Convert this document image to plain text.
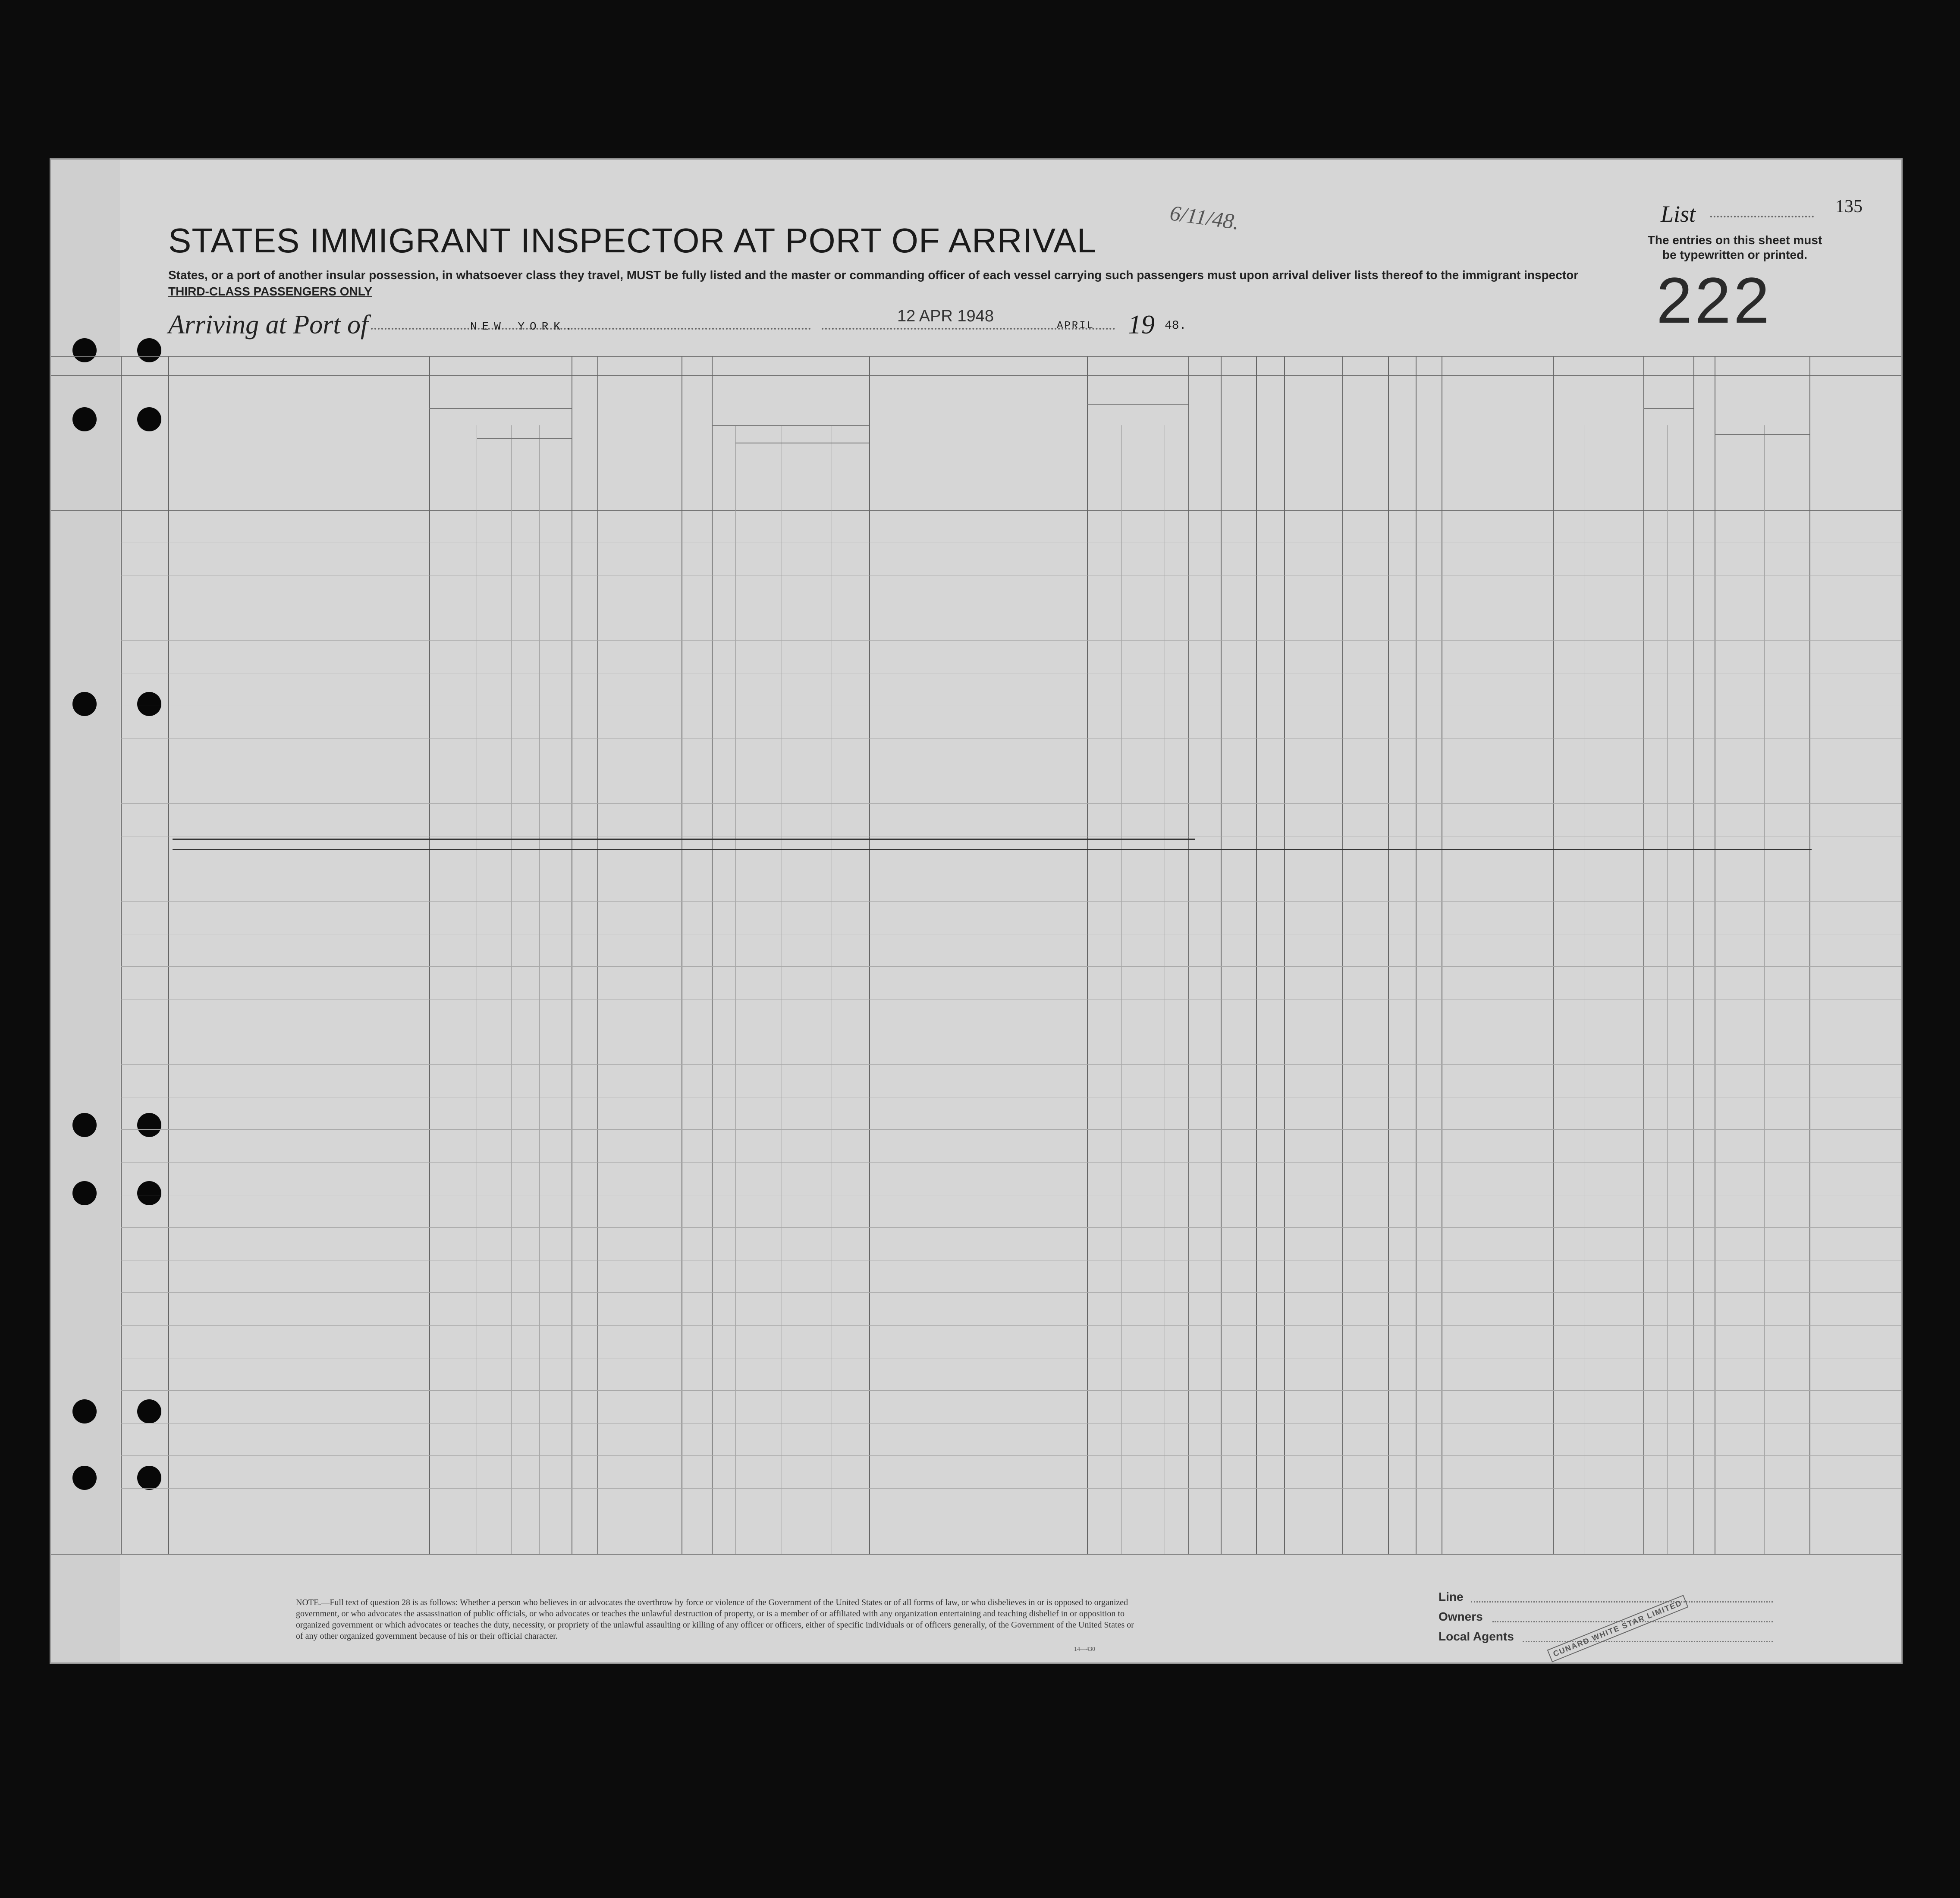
STATES IMMIGRANT INSPECTOR AT PORT OF ARRIVAL
6/11/48.	List	135
The entries on this sheet must
be typewritten or printed.
222
States, or a port of another insular possession, in whatsoever class they travel, MUST be fully listed and the master or commanding officer of each vessel carrying such passengers must upon arrival deliver lists thereof to the immigrant inspector
THIRD-CLASS PASSENGERS ONLY
Arriving at Port of	NEW YORK.
12 APR 1948
APRIL 19 48.
NOTE.—Full text of question 28 is as follows: Whether a person who believes in or advocates the overthrow by force or violence of the Government of the United States or of all forms of law, or who disbelieves in or is opposed to organized government, or who advocates the assassination of public officials, or who advocates or teaches the unlawful destruction of property, or is a member of or affiliated with any organization entertaining and teaching disbelief in or opposition to organized government or which advocates or teaches the duty, necessity, or propriety of the unlawful assaulting or killing of any officer or officers, either of specific individuals or of officers generally, of the Government of the United States or of any other organized government because of his or their official character.
14—430
Line
Owners
Local Agents	CUNARD WHITE STAR LIMITED
